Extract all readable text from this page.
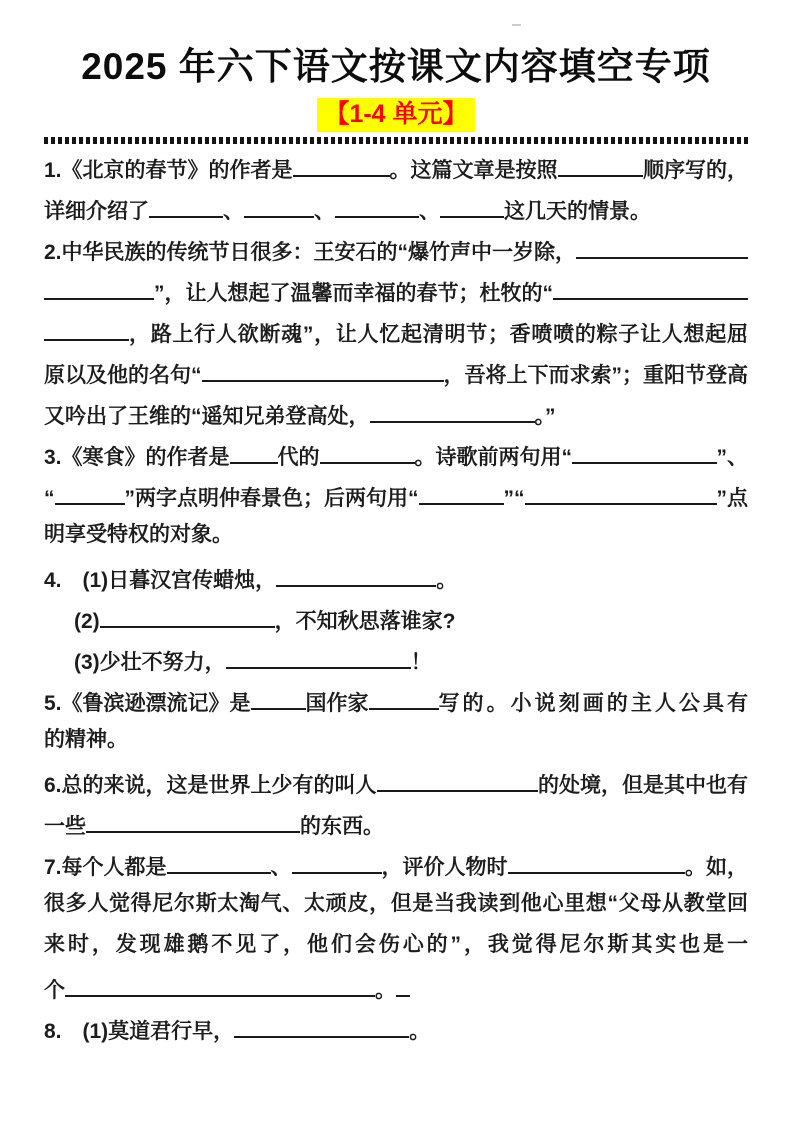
2025 年六下语文按课文内容填空专项
【1-4 单元】
1.《北京的春节》的作者是	。这篇文章是按照	顺序写的，
详细介绍了	、	、	、	这几天的情景。
2.中华民族的传统节日很多：王安石的“爆竹声中一岁除，
”，让人想起了温馨而幸福的春节；杜牧的“
，路上行人欲断魂”，让人忆起清明节；香喷喷的粽子让人想起屈
原以及他的名句“	，吾将上下而求索”；重阳节登高
又吟出了王维的“遥知兄弟登高处，	。”
3.《寒食》的作者是 代的	。诗歌前两句用“	”、
“	”两字点明仲春景色；后两句用“	”“	”点
明享受特权的对象。
4.　(1)日暮汉宫传蜡烛，	。
(2)	，不知秋思落谁家?
(3)少壮不努力，	！
5.《鲁滨逊漂流记》是	国作家	写的。小说刻画的主人公具有
的精神。
6.总的来说，这是世界上少有的叫人	的处境，但是其中也有
一些	的东西。
7.每个人都是	、	，评价人物时	。如，
很多人觉得尼尔斯太淘气、太顽皮，但是当我读到他心里想“父母从教堂回
来时，发现雄鹅不见了，他们会伤心的”，我觉得尼尔斯其实也是一
个	。
8.　(1)莫道君行早，	。
